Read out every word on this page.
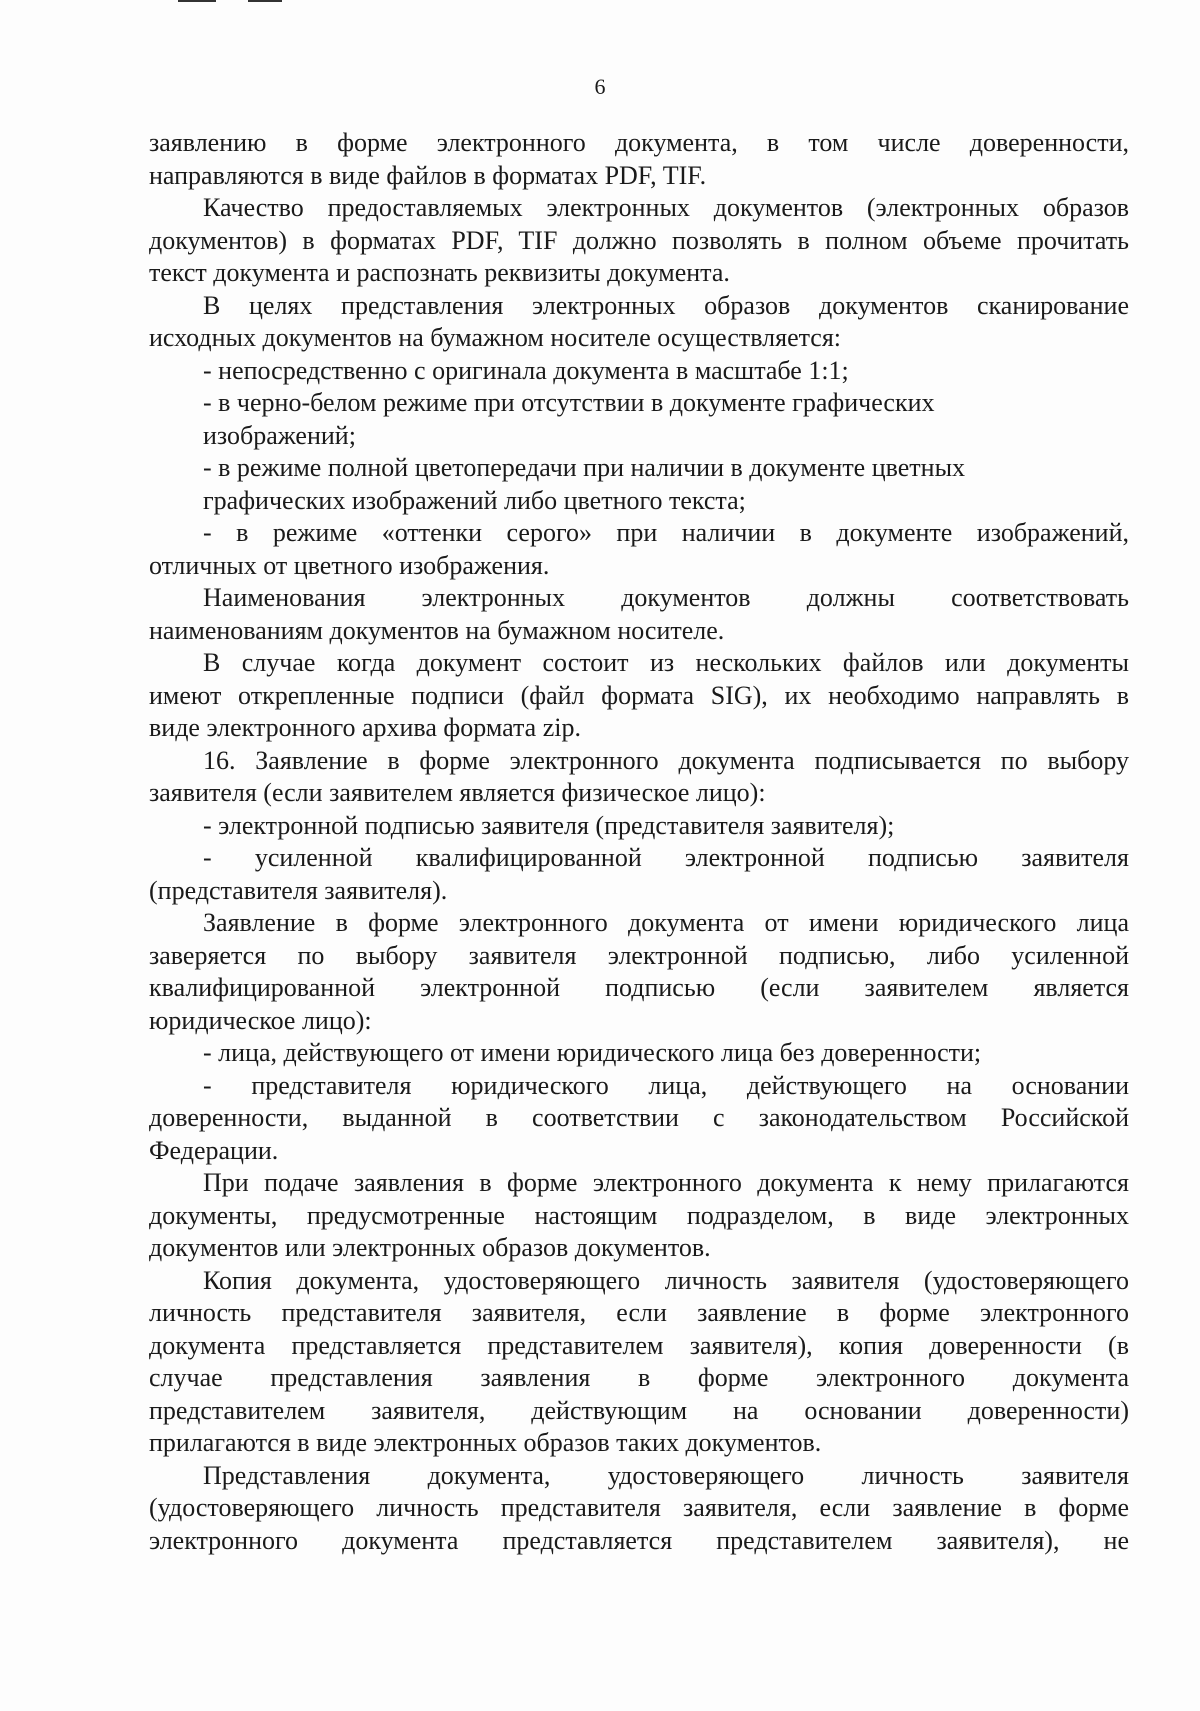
6
заявлению в форме электронного документа, в том числе доверенности,
направляются в виде файлов в форматах PDF, TIF.
Качество предоставляемых электронных документов (электронных образов
документов) в форматах PDF, TIF должно позволять в полном объеме прочитать
текст документа и распознать реквизиты документа.
В целях представления электронных образов документов сканирование
исходных документов на бумажном носителе осуществляется:
- непосредственно с оригинала документа в масштабе 1:1;
- в черно-белом режиме при отсутствии в документе графических
изображений;
- в режиме полной цветопередачи при наличии в документе цветных
графических изображений либо цветного текста;
- в режиме «оттенки серого» при наличии в документе изображений,
отличных от цветного изображения.
Наименования электронных документов должны соответствовать
наименованиям документов на бумажном носителе.
В случае когда документ состоит из нескольких файлов или документы
имеют открепленные подписи (файл формата SIG), их необходимо направлять в
виде электронного архива формата zip.
16. Заявление в форме электронного документа подписывается по выбору
заявителя (если заявителем является физическое лицо):
- электронной подписью заявителя (представителя заявителя);
- усиленной квалифицированной электронной подписью заявителя
(представителя заявителя).
Заявление в форме электронного документа от имени юридического лица
заверяется по выбору заявителя электронной подписью, либо усиленной
квалифицированной электронной подписью (если заявителем является
юридическое лицо):
- лица, действующего от имени юридического лица без доверенности;
- представителя юридического лица, действующего на основании
доверенности, выданной в соответствии с законодательством Российской
Федерации.
При подаче заявления в форме электронного документа к нему прилагаются
документы, предусмотренные настоящим подразделом, в виде электронных
документов или электронных образов документов.
Копия документа, удостоверяющего личность заявителя (удостоверяющего
личность представителя заявителя, если заявление в форме электронного
документа представляется представителем заявителя), копия доверенности (в
случае представления заявления в форме электронного документа
представителем заявителя, действующим на основании доверенности)
прилагаются в виде электронных образов таких документов.
Представления документа, удостоверяющего личность заявителя
(удостоверяющего личность представителя заявителя, если заявление в форме
электронного документа представляется представителем заявителя), не
